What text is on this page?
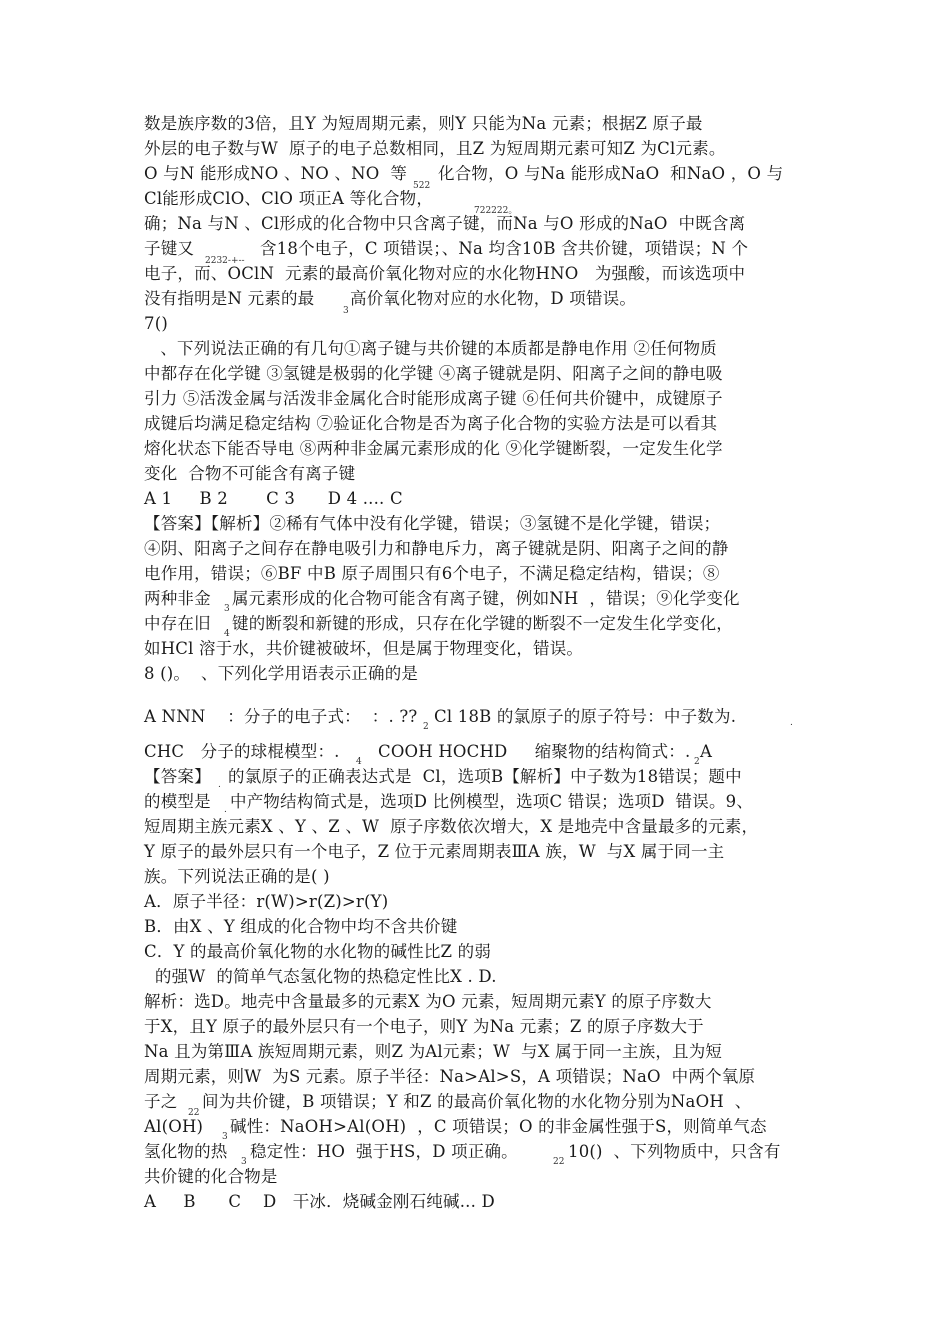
数是族序数的3倍，且Y 为短周期元素，则Y 只能为Na 元素；根据Z 原子最
外层的电子数与W  原子的电子总数相同，且Z 为短周期元素可知Z 为Cl元素。
O 与N 能形成NO 、NO 、NO  等
522
化合物，O 与Na 能形成NaO  和NaO ，O 与
Cl能形成ClO、ClO 项正A 等化合物，
722222。
确；Na 与N 、Cl形成的化合物中只含离子键，而Na 与O 形成的NaO  中既含离
子键又
2232-+--
含18个电子，C 项错误；、Na 均含10B 含共价键，项错误；N 个
电子，而、OClN  元素的最高价氧化物对应的水化物HNO   为强酸，而该选项中
没有指明是N 元素的最
3
高价氧化物对应的水化物，D 项错误。
7()
、下列说法正确的有几句①离子键与共价键的本质都是静电作用 ②任何物质
中都存在化学键 ③氢键是极弱的化学键 ④离子键就是阴、阳离子之间的静电吸
引力 ⑤活泼金属与活泼非金属化合时能形成离子键 ⑥任何共价键中，成键原子
成键后均满足稳定结构 ⑦验证化合物是否为离子化合物的实验方法是可以看其
熔化状态下能否导电 ⑧两种非金属元素形成的化 ⑨化学键断裂，一定发生化学
变化  合物不可能含有离子键
A 1     B 2       C 3      D 4 .... C
【答案】【解析】②稀有气体中没有化学键，错误；③氢键不是化学键，错误；
④阴、阳离子之间存在静电吸引力和静电斥力，离子键就是阴、阳离子之间的静
电作用，错误；⑥BF 中B 原子周围只有6个电子，不满足稳定结构，错误；⑧
两种非金
3
属元素形成的化合物可能含有离子键，例如NH  ，错误；⑨化学变化
中存在旧
4
键的断裂和新键的形成，只存在化学键的断裂不一定发生化学变化，
如HCl 溶于水，共价键被破坏，但是属于物理变化，错误。
8 ()。  、下列化学用语表示正确的是
A NNN    ：分子的电子式：  ：. ??
2
Cl 18B 的氯原子的原子符号：中子数为.	.
CHC   分子的球棍模型：.
4
COOH HOCHD     缩聚物的结构简式：.
2
A
【答案】 . 的氯原子的正确表达式是  Cl，选项B【解析】中子数为18错误；题中
的模型是 . 中产物结构简式是，选项D 比例模型，选项C 错误；选项D  错误。9、
短周期主族元素X 、Y 、Z 、W  原子序数依次增大，X 是地壳中含量最多的元素，
Y 原子的最外层只有一个电子，Z 位于元素周期表ⅢA 族，W  与X 属于同一主
族。下列说法正确的是( )
A．原子半径：r(W)>r(Z)>r(Y)
B．由X 、Y 组成的化合物中均不含共价键
C．Y 的最高价氧化物的水化物的碱性比Z 的弱
的强W  的简单气态氢化物的热稳定性比X . D.
解析：选D。地壳中含量最多的元素X 为O 元素，短周期元素Y 的原子序数大
于X，且Y 原子的最外层只有一个电子，则Y 为Na 元素；Z 的原子序数大于
Na 且为第ⅢA 族短周期元素，则Z 为Al元素；W  与X 属于同一主族，且为短
周期元素，则W  为S 元素。原子半径：Na>Al>S，A 项错误；NaO  中两个氧原
子之
22
间为共价键，B 项错误；Y 和Z 的最高价氧化物的水化物分别为NaOH  、
Al(OH)
3
碱性：NaOH>Al(OH)  ，C 项错误；O 的非金属性强于S，则简单气态
氢化物的热
3
稳定性：HO  强于HS，D 项正确。
22
10()  、下列物质中，只含有
共价键的化合物是
A     B      C    D   干冰．烧碱金刚石纯碱... D
